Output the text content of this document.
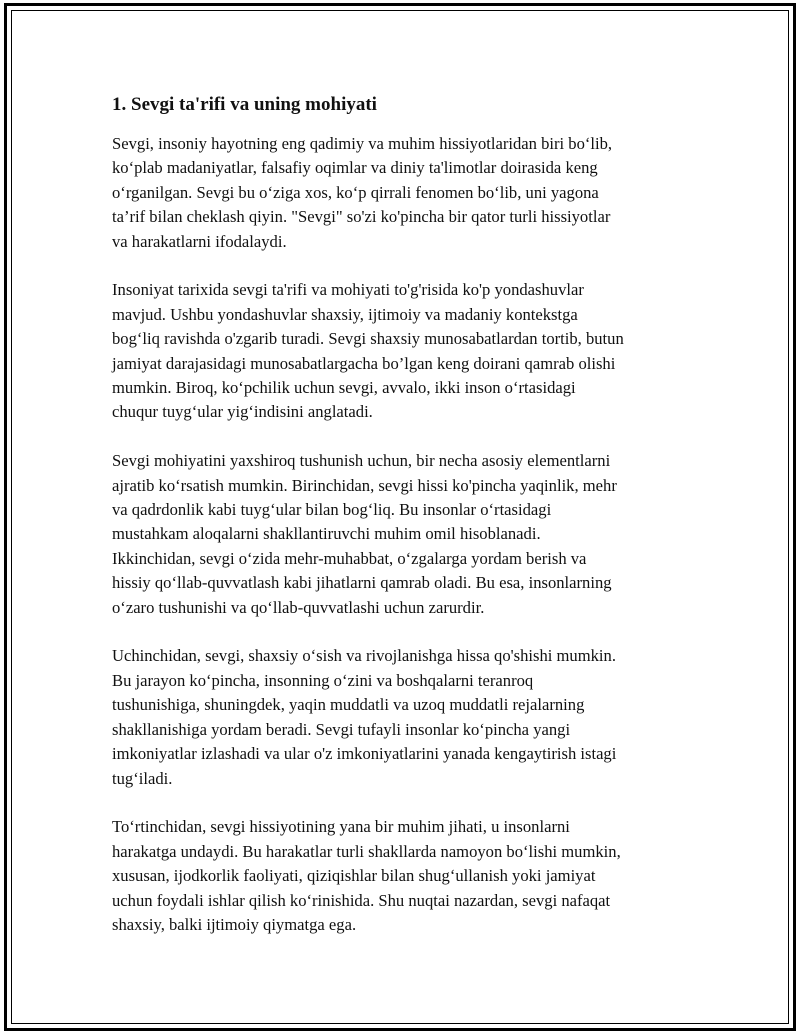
1. Sevgi ta'rifi va uning mohiyati

Sevgi, insoniy hayotning eng qadimiy va muhim hissiyotlaridan biri bo‘lib,
ko‘plab madaniyatlar, falsafiy oqimlar va diniy ta'limotlar doirasida keng
o‘rganilgan. Sevgi bu o‘ziga xos, ko‘p qirrali fenomen bo‘lib, uni yagona
ta’rif bilan cheklash qiyin. "Sevgi" so'zi ko'pincha bir qator turli hissiyotlar
va harakatlarni ifodalaydi.

Insoniyat tarixida sevgi ta'rifi va mohiyati to'g'risida ko'p yondashuvlar
mavjud. Ushbu yondashuvlar shaxsiy, ijtimoiy va madaniy kontekstga
bog‘liq ravishda o'zgarib turadi. Sevgi shaxsiy munosabatlardan tortib, butun
jamiyat darajasidagi munosabatlargacha bo’lgan keng doirani qamrab olishi
mumkin. Biroq, ko‘pchilik uchun sevgi, avvalo, ikki inson o‘rtasidagi
chuqur tuyg‘ular yig‘indisini anglatadi.

Sevgi mohiyatini yaxshiroq tushunish uchun, bir necha asosiy elementlarni
ajratib ko‘rsatish mumkin. Birinchidan, sevgi hissi ko'pincha yaqinlik, mehr
va qadrdonlik kabi tuyg‘ular bilan bog‘liq. Bu insonlar o‘rtasidagi
mustahkam aloqalarni shakllantiruvchi muhim omil hisoblanadi.
Ikkinchidan, sevgi o‘zida mehr-muhabbat, o‘zgalarga yordam berish va
hissiy qo‘llab-quvvatlash kabi jihatlarni qamrab oladi. Bu esa, insonlarning
o‘zaro tushunishi va qo‘llab-quvvatlashi uchun zarurdir.

Uchinchidan, sevgi, shaxsiy o‘sish va rivojlanishga hissa qo'shishi mumkin.
Bu jarayon ko‘pincha, insonning o‘zini va boshqalarni teranroq
tushunishiga, shuningdek, yaqin muddatli va uzoq muddatli rejalarning
shakllanishiga yordam beradi. Sevgi tufayli insonlar ko‘pincha yangi
imkoniyatlar izlashadi va ular o'z imkoniyatlarini yanada kengaytirish istagi
tug‘iladi.

To‘rtinchidan, sevgi hissiyotining yana bir muhim jihati, u insonlarni
harakatga undaydi. Bu harakatlar turli shakllarda namoyon bo‘lishi mumkin,
xususan, ijodkorlik faoliyati, qiziqishlar bilan shug‘ullanish yoki jamiyat
uchun foydali ishlar qilish ko‘rinishida. Shu nuqtai nazardan, sevgi nafaqat
shaxsiy, balki ijtimoiy qiymatga ega.
